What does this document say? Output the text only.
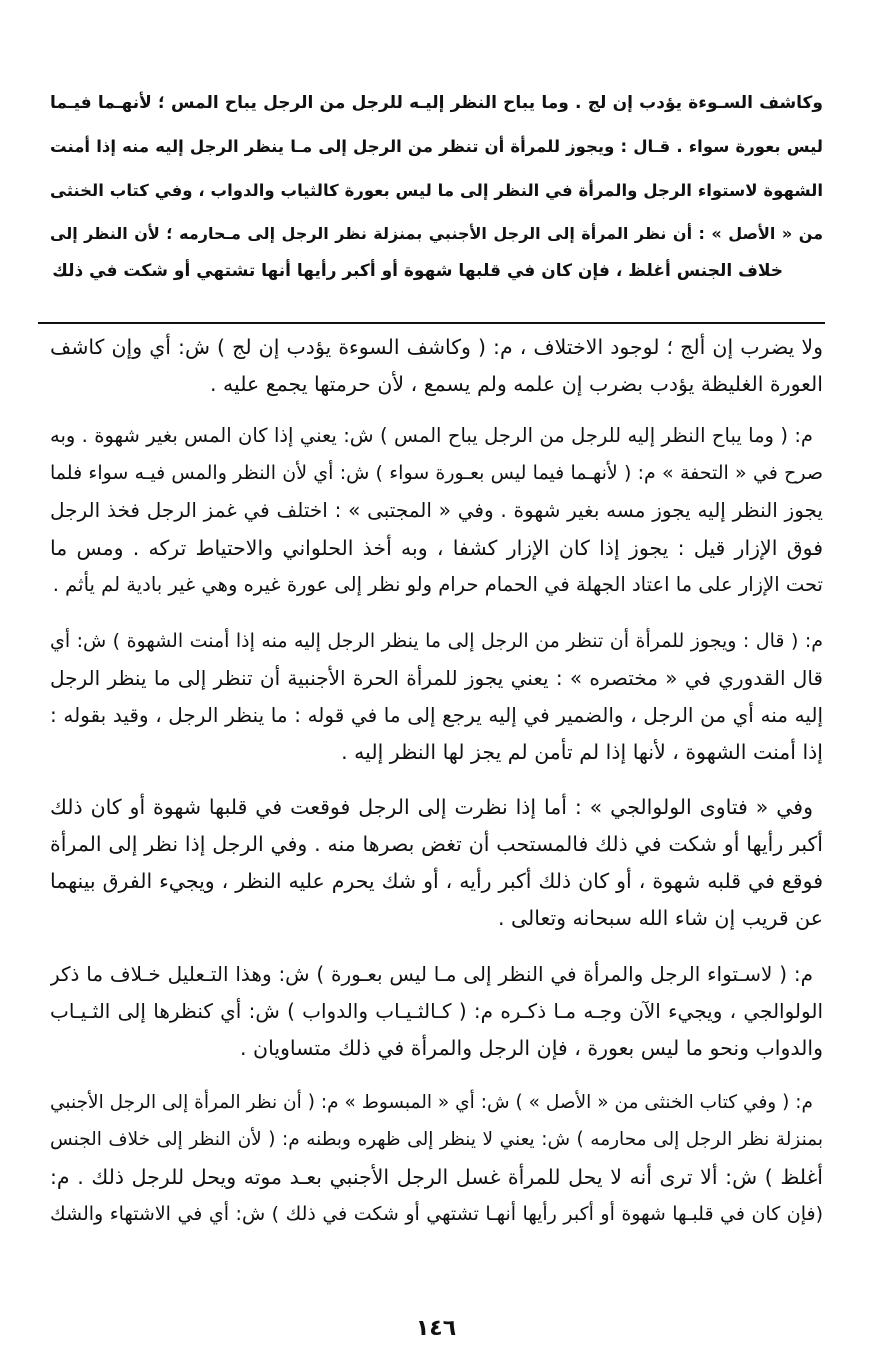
وكاشف السـوءة يؤدب إن لج . وما يباح النظر إليـه للرجل من الرجل يباح المس ؛ لأنهـما فيـما
ليس بعورة سواء . قـال : ويجوز للمرأة أن تنظر من الرجل إلى مـا ينظر الرجل إليه منه إذا أمنت
الشهوة لاستواء الرجل والمرأة في النظر إلى ما ليس بعورة كالثياب والدواب ، وفي كتاب الخنثى
من « الأصل » : أن نظر المرأة إلى الرجل الأجنبي بمنزلة نظر الرجل إلى مـحارمه ؛ لأن النظر إلى
خلاف الجنس أغلظ ، فإن كان في قلبها شهوة أو أكبر رأيها أنها تشتهي أو شكت في ذلك
ولا يضرب إن ألج ؛ لوجود الاختلاف ، م: ( وكاشف السوءة يؤدب إن لج ) ش: أي وإن كاشف
العورة الغليظة يؤدب بضرب إن علمه ولم يسمع ، لأن حرمتها يجمع عليه .
م: ( وما يباح النظر إليه للرجل من الرجل يباح المس ) ش: يعني إذا كان المس بغير شهوة . وبه
صرح في « التحفة » م: ( لأنهـما فيما ليس بعـورة سواء ) ش: أي لأن النظر والمس فيـه سواء فلما
يجوز النظر إليه يجوز مسه بغير شهوة . وفي « المجتبى » : اختلف في غمز الرجل فخذ الرجل
فوق الإزار قيل : يجوز إذا كان الإزار كشفا ، وبه أخذ الحلواني والاحتياط تركه . ومس ما
تحت الإزار على ما اعتاد الجهلة في الحمام حرام ولو نظر إلى عورة غيره وهي غير بادية لم يأثم .
م: ( قال : ويجوز للمرأة أن تنظر من الرجل إلى ما ينظر الرجل إليه منه إذا أمنت الشهوة ) ش: أي
قال القدوري في « مختصره » : يعني يجوز للمرأة الحرة الأجنبية أن تنظر إلى ما ينظر الرجل
إليه منه أي من الرجل ، والضمير في إليه يرجع إلى ما في قوله : ما ينظر الرجل ، وقيد بقوله :
إذا أمنت الشهوة ، لأنها إذا لم تأمن لم يجز لها النظر إليه .
وفي « فتاوى الولوالجي » : أما إذا نظرت إلى الرجل فوقعت في قلبها شهوة أو كان ذلك
أكبر رأيها أو شكت في ذلك فالمستحب أن تغض بصرها منه . وفي الرجل إذا نظر إلى المرأة
فوقع في قلبه شهوة ، أو كان ذلك أكبر رأيه ، أو شك يحرم عليه النظر ، ويجيء الفرق بينهما
عن قريب إن شاء الله سبحانه وتعالى .
م: ( لاسـتواء الرجل والمرأة في النظر إلى مـا ليس بعـورة ) ش: وهذا التـعليل خـلاف ما ذكر
الولوالجي ، ويجيء الآن وجـه مـا ذكـره م: ( كـالثـيـاب والدواب ) ش: أي كنظرها إلى الثـيـاب
والدواب ونحو ما ليس بعورة ، فإن الرجل والمرأة في ذلك متساويان .
م: ( وفي كتاب الخنثى من « الأصل » ) ش: أي « المبسوط » م: ( أن نظر المرأة إلى الرجل الأجنبي
بمنزلة نظر الرجل إلى محارمه ) ش: يعني لا ينظر إلى ظهره وبطنه م: ( لأن النظر إلى خلاف الجنس
أغلظ ) ش: ألا ترى أنه لا يحل للمرأة غسل الرجل الأجنبي بعـد موته ويحل للرجل ذلك . م:
(فإن كان في قلبـها شهوة أو أكبر رأيها أنهـا تشتهي أو شكت في ذلك ) ش: أي في الاشتهاء والشك
١٤٦
